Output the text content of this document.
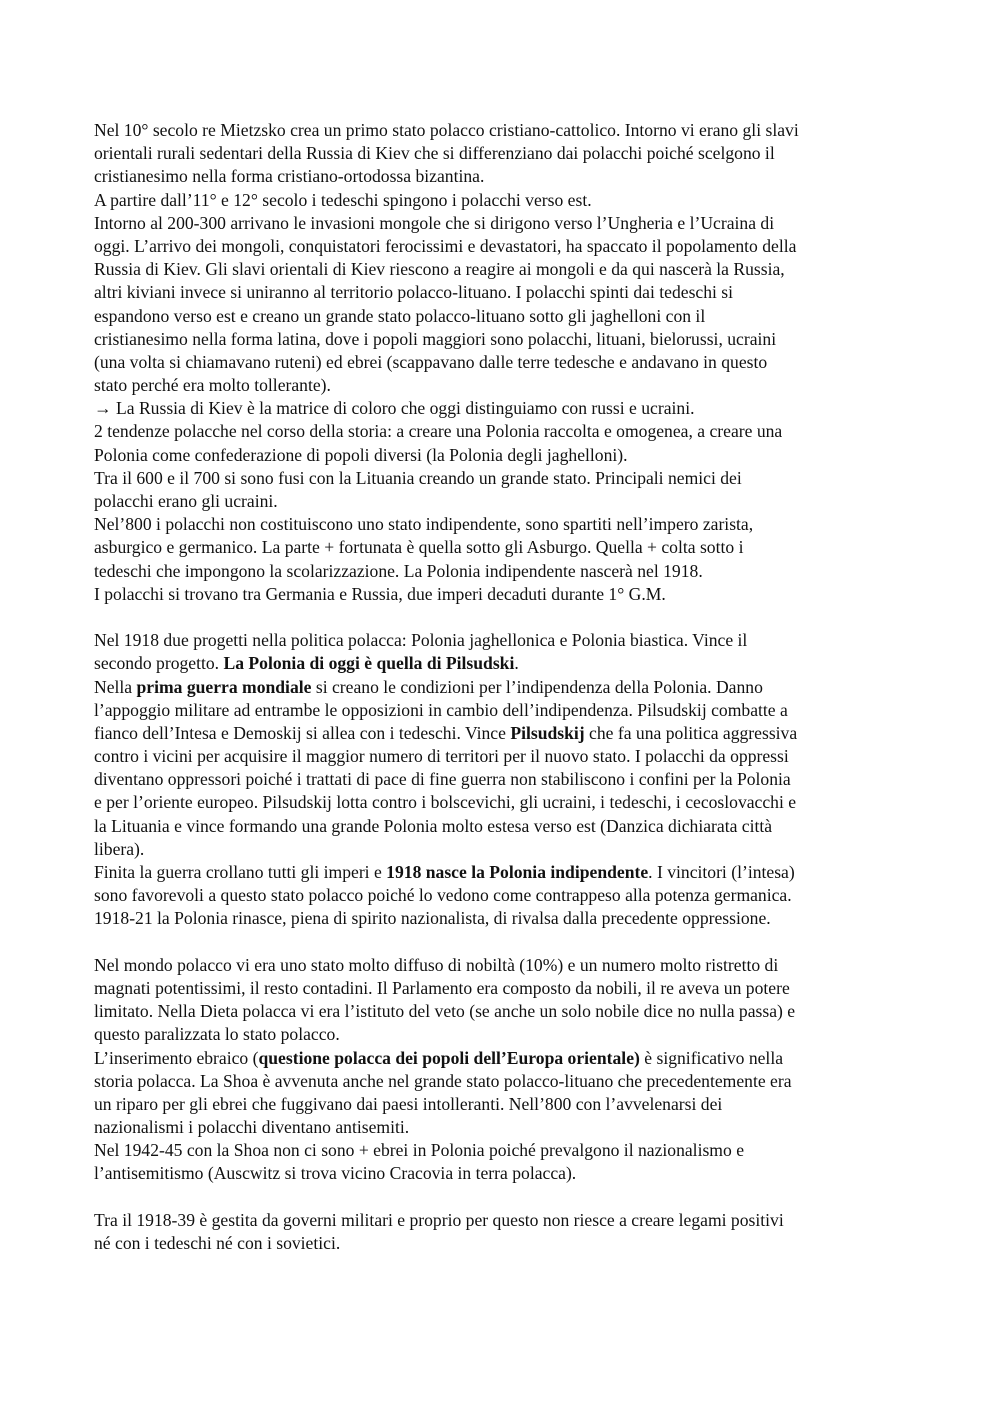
Nel 10° secolo re Mietzsko crea un primo stato polacco cristiano-cattolico. Intorno vi erano gli slavi
orientali rurali sedentari della Russia di Kiev che si differenziano dai polacchi poiché scelgono il
cristianesimo nella forma cristiano-ortodossa bizantina.
A partire dall’11° e 12° secolo i tedeschi spingono i polacchi verso est.
Intorno al 200-300 arrivano le invasioni mongole che si dirigono verso l’Ungheria e l’Ucraina di
oggi. L’arrivo dei mongoli, conquistatori ferocissimi e devastatori, ha spaccato il popolamento della
Russia di Kiev. Gli slavi orientali di Kiev riescono a reagire ai mongoli e da qui nascerà la Russia,
altri kiviani invece si uniranno al territorio polacco-lituano. I polacchi spinti dai tedeschi si
espandono verso est e creano un grande stato polacco-lituano sotto gli jaghelloni con il
cristianesimo nella forma latina, dove i popoli maggiori sono polacchi, lituani, bielorussi, ucraini
(una volta si chiamavano ruteni) ed ebrei (scappavano dalle terre tedesche e andavano in questo
stato perché era molto tollerante).
→ La Russia di Kiev è la matrice di coloro che oggi distinguiamo con russi e ucraini.
2 tendenze polacche nel corso della storia: a creare una Polonia raccolta e omogenea, a creare una
Polonia come confederazione di popoli diversi (la Polonia degli jaghelloni).
Tra il 600 e il 700 si sono fusi con la Lituania creando un grande stato. Principali nemici dei
polacchi erano gli ucraini.
Nel’800 i polacchi non costituiscono uno stato indipendente, sono spartiti nell’impero zarista,
asburgico e germanico. La parte + fortunata è quella sotto gli Asburgo. Quella + colta sotto i
tedeschi che impongono la scolarizzazione. La Polonia indipendente nascerà nel 1918.
I polacchi si trovano tra Germania e Russia, due imperi decaduti durante 1° G.M.
Nel 1918 due progetti nella politica polacca: Polonia jaghellonica e Polonia biastica. Vince il
secondo progetto. La Polonia di oggi è quella di Pilsudski.
Nella prima guerra mondiale si creano le condizioni per l’indipendenza della Polonia. Danno
l’appoggio militare ad entrambe le opposizioni in cambio dell’indipendenza. Pilsudskij combatte a
fianco dell’Intesa e Demoskij si allea con i tedeschi. Vince Pilsudskij che fa una politica aggressiva
contro i vicini per acquisire il maggior numero di territori per il nuovo stato. I polacchi da oppressi
diventano oppressori poiché i trattati di pace di fine guerra non stabiliscono i confini per la Polonia
e per l’oriente europeo. Pilsudskij lotta contro i bolscevichi, gli ucraini, i tedeschi, i cecoslovacchi e
la Lituania e vince formando una grande Polonia molto estesa verso est (Danzica dichiarata città
libera).
Finita la guerra crollano tutti gli imperi e 1918 nasce la Polonia indipendente. I vincitori (l’intesa)
sono favorevoli a questo stato polacco poiché lo vedono come contrappeso alla potenza germanica.
1918-21 la Polonia rinasce, piena di spirito nazionalista, di rivalsa dalla precedente oppressione.
Nel mondo polacco vi era uno stato molto diffuso di nobiltà (10%) e un numero molto ristretto di
magnati potentissimi, il resto contadini. Il Parlamento era composto da nobili, il re aveva un potere
limitato. Nella Dieta polacca vi era l’istituto del veto (se anche un solo nobile dice no nulla passa) e
questo paralizzata lo stato polacco.
L’inserimento ebraico (questione polacca dei popoli dell’Europa orientale) è significativo nella
storia polacca. La Shoa è avvenuta anche nel grande stato polacco-lituano che precedentemente era
un riparo per gli ebrei che fuggivano dai paesi intolleranti. Nell’800 con l’avvelenarsi dei
nazionalismi i polacchi diventano antisemiti.
Nel 1942-45 con la Shoa non ci sono + ebrei in Polonia poiché prevalgono il nazionalismo e
l’antisemitismo (Auscwitz si trova vicino Cracovia in terra polacca).
Tra il 1918-39 è gestita da governi militari e proprio per questo non riesce a creare legami positivi
né con i tedeschi né con i sovietici.
